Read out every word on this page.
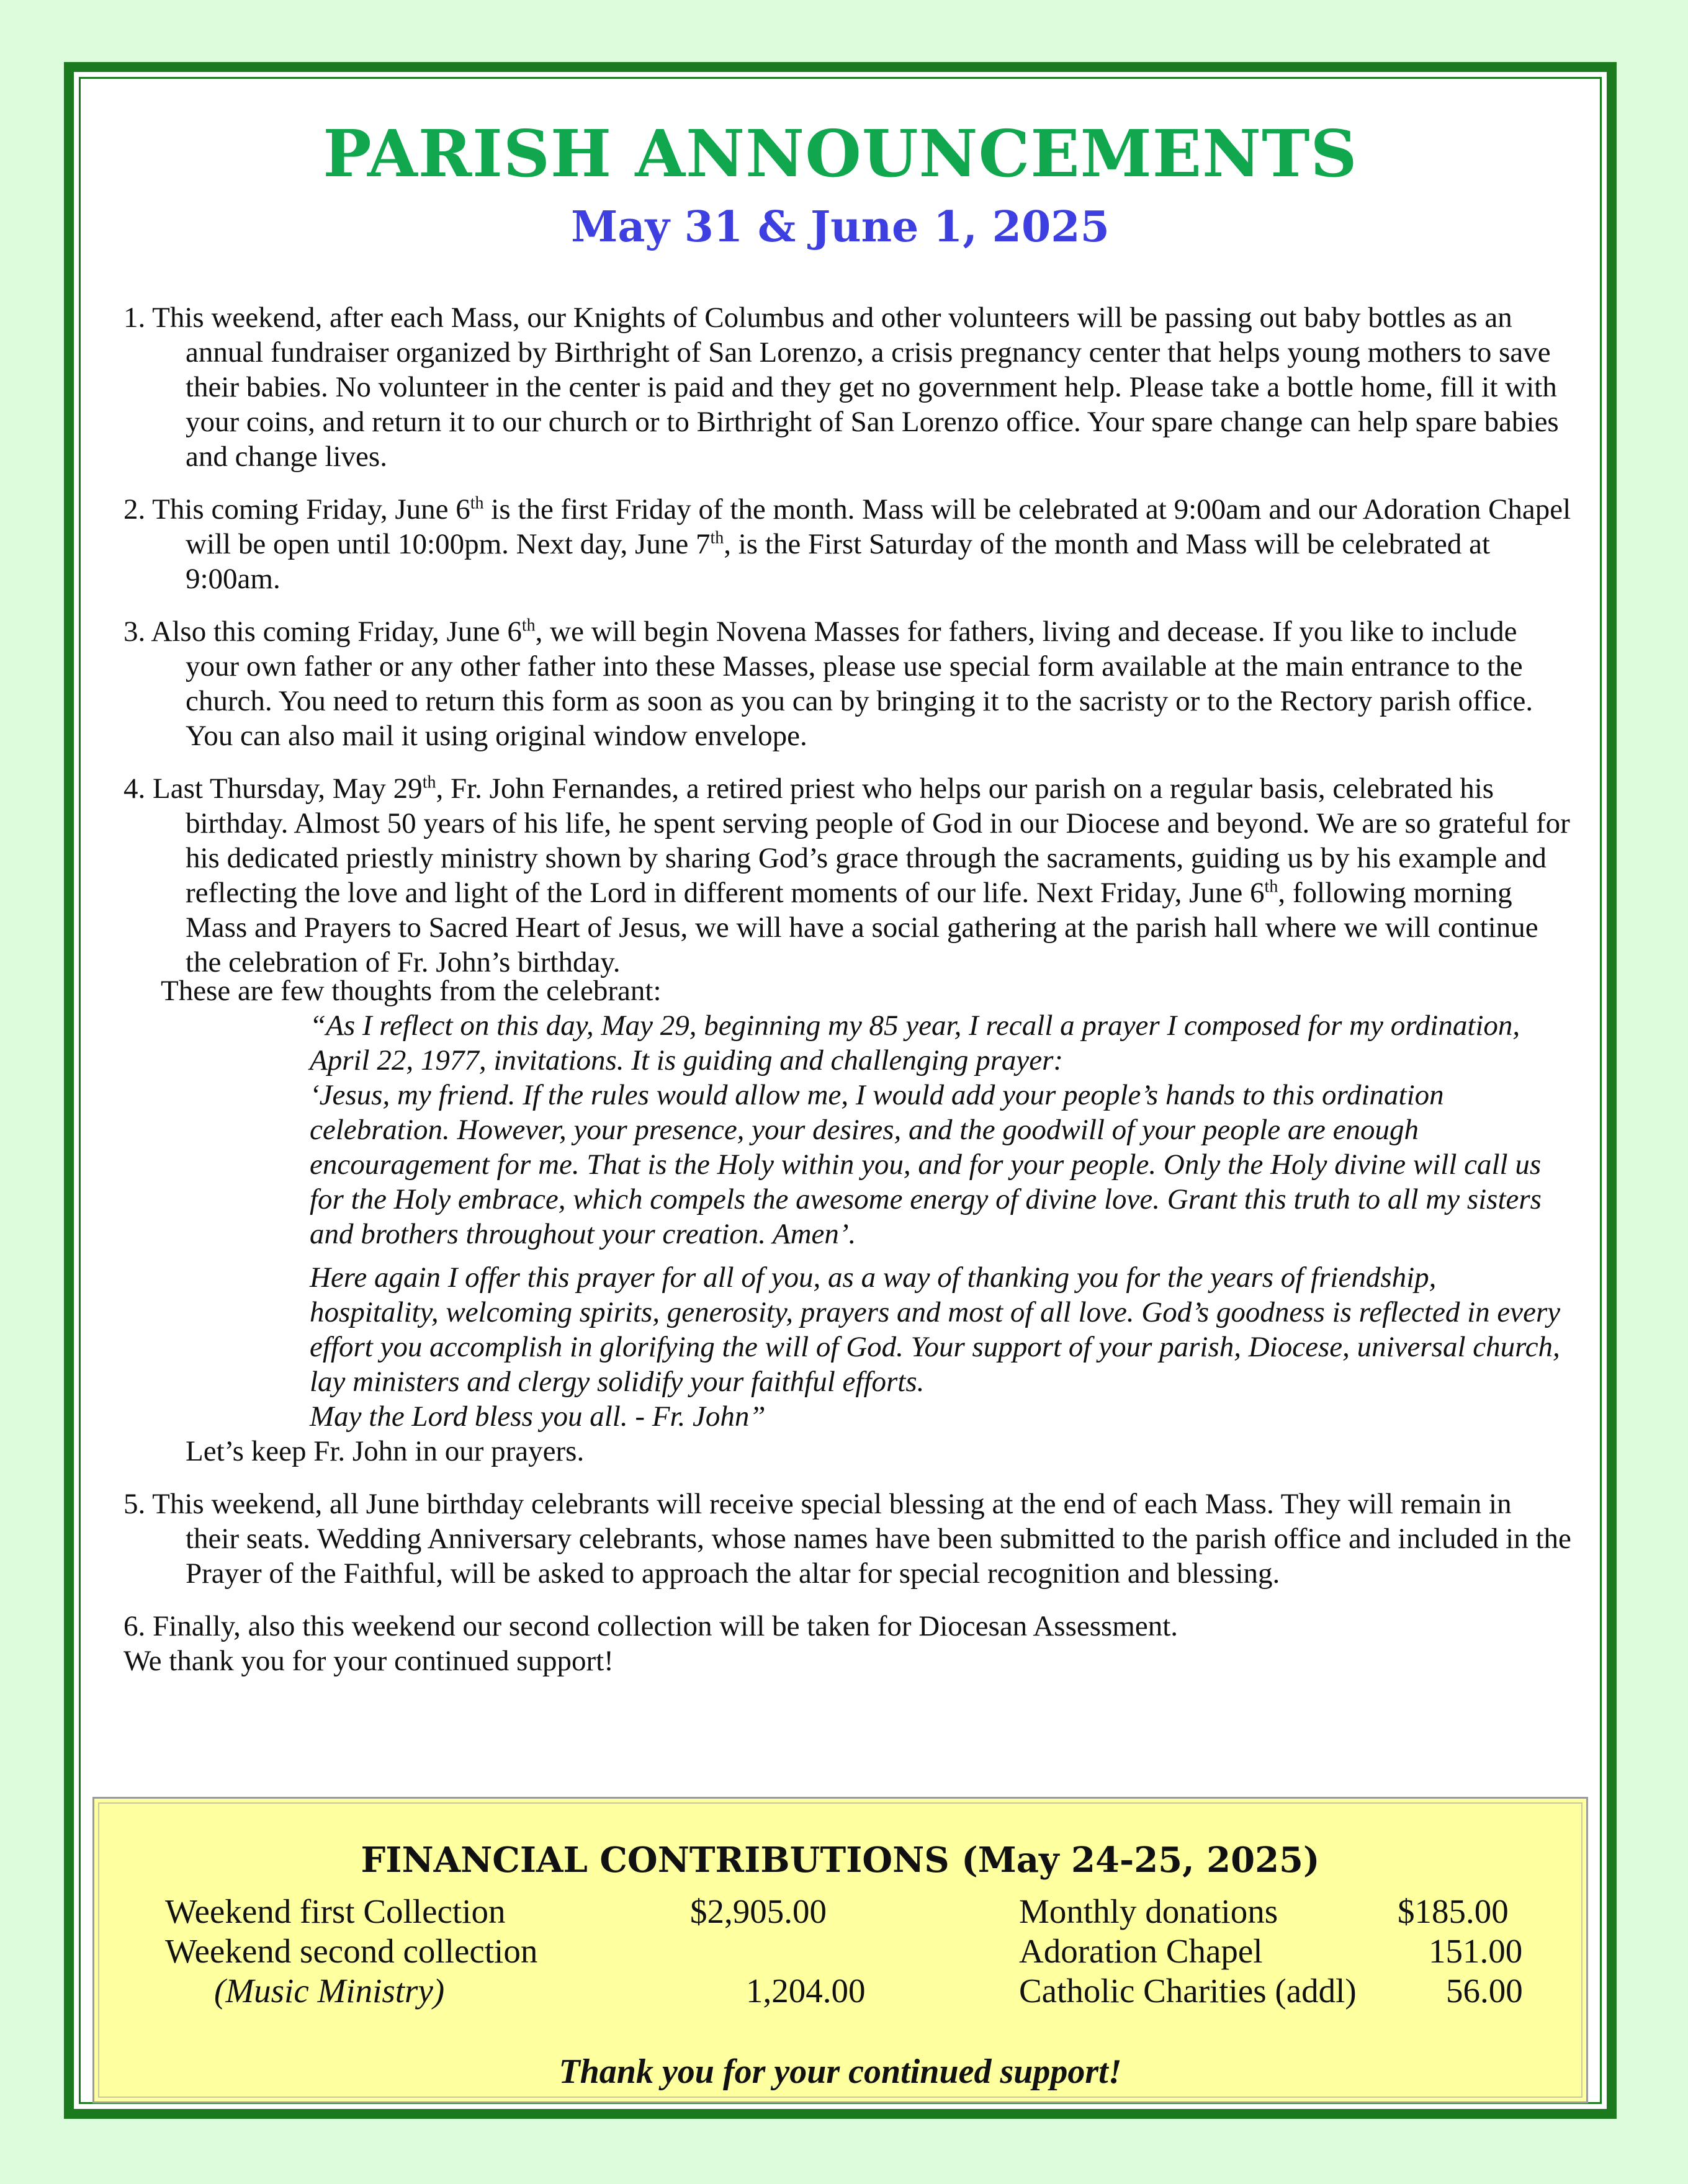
PARISH ANNOUNCEMENTS
May 31 & June 1, 2025

1. This weekend, after each Mass, our Knights of Columbus and other volunteers will be passing out baby bottles as an annual fundraiser organized by Birthright of San Lorenzo, a crisis pregnancy center that helps young mothers to save their babies. No volunteer in the center is paid and they get no government help. Please take a bottle home, fill it with your coins, and return it to our church or to Birthright of San Lorenzo office. Your spare change can help spare babies and change lives.

2. This coming Friday, June 6th is the first Friday of the month. Mass will be celebrated at 9:00am and our Adoration Chapel will be open until 10:00pm. Next day, June 7th, is the First Saturday of the month and Mass will be celebrated at 9:00am.

3. Also this coming Friday, June 6th, we will begin Novena Masses for fathers, living and decease. If you like to include your own father or any other father into these Masses, please use special form available at the main entrance to the church. You need to return this form as soon as you can by bringing it to the sacristy or to the Rectory parish office. You can also mail it using original window envelope.

4. Last Thursday, May 29th, Fr. John Fernandes, a retired priest who helps our parish on a regular basis, celebrated his birthday. Almost 50 years of his life, he spent serving people of God in our Diocese and beyond. We are so grateful for his dedicated priestly ministry shown by sharing God’s grace through the sacraments, guiding us by his example and reflecting the love and light of the Lord in different moments of our life. Next Friday, June 6th, following morning Mass and Prayers to Sacred Heart of Jesus, we will have a social gathering at the parish hall where we will continue the celebration of Fr. John’s birthday.

These are few thoughts from the celebrant:

“As I reflect on this day, May 29, beginning my 85 year, I recall a prayer I composed for my ordination, April 22, 1977, invitations. It is guiding and challenging prayer:

‘Jesus, my friend. If the rules would allow me, I would add your people’s hands to this ordination celebration. However, your presence, your desires, and the goodwill of your people are enough encouragement for me. That is the Holy within you, and for your people. Only the Holy divine will call us for the Holy embrace, which compels the awesome energy of divine love. Grant this truth to all my sisters and brothers throughout your creation. Amen’.

Here again I offer this prayer for all of you, as a way of thanking you for the years of friendship, hospitality, welcoming spirits, generosity, prayers and most of all love. God’s goodness is reflected in every effort you accomplish in glorifying the will of God. Your support of your parish, Diocese, universal church, lay ministers and clergy solidify your faithful efforts.

May the Lord bless you all. - Fr. John”

Let’s keep Fr. John in our prayers.

5. This weekend, all June birthday celebrants will receive special blessing at the end of each Mass. They will remain in their seats. Wedding Anniversary celebrants, whose names have been submitted to the parish office and included in the Prayer of the Faithful, will be asked to approach the altar for special recognition and blessing.

6. Finally, also this weekend our second collection will be taken for Diocesan Assessment.
We thank you for your continued support!

FINANCIAL CONTRIBUTIONS (May 24-25, 2025)
Weekend first Collection	$2,905.00
Weekend second collection
(Music Ministry)	1,204.00
Monthly donations	$185.00
Adoration Chapel	151.00
Catholic Charities (addl)	56.00
Thank you for your continued support!
